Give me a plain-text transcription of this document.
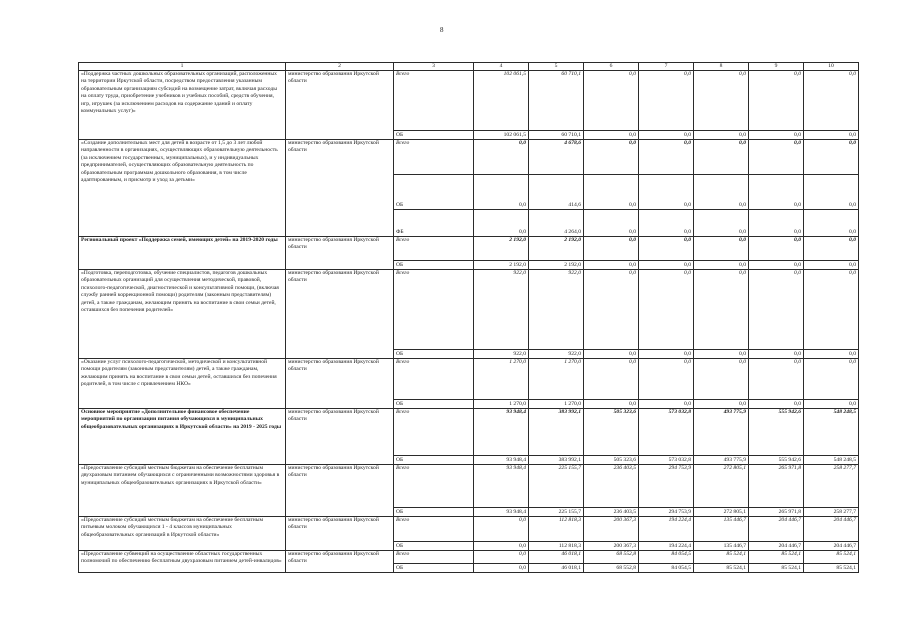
8
1	2	3	4	5	6	7	8	9	10
«Поддержка частных дошкольных образовательных организаций, расположенных на территории Иркутской области, посредством предоставления указанным образовательным организациям субсидий на возмещение затрат, включая расходы на оплату труда, приобретение учебников и учебных пособий, средств обучения, игр, игрушек (за исключением расходов на содержание зданий и оплату коммунальных услуг)»	министерство образования Иркутской области	Всего	102 061,5	60 710,1	0,0	0,0	0,0	0,0	0,0
		ОБ	102 061,5	60 710,1	0,0	0,0	0,0	0,0	0,0
«Создание дополнительных мест для детей в возрасте от 1,5 до 3 лет любой направленности в организациях, осуществляющих образовательную деятельность (за исключением государственных, муниципальных), и у индивидуальных предпринимателей, осуществляющих образовательную деятельность по образовательным программам дошкольного образования, в том числе адаптированным, и присмотр и уход за детьми»	министерство образования Иркутской области	Всего	0,0	4 678,6	0,0	0,0	0,0	0,0	0,0
		ОБ	0,0	414,6	0,0	0,0	0,0	0,0	0,0
		ФБ	0,0	4 264,0	0,0	0,0	0,0	0,0	0,0
Региональный проект «Поддержка семей, имеющих детей» на 2019-2020 годы	министерство образования Иркутской области	Всего	2 192,0	2 192,0	0,0	0,0	0,0	0,0	0,0
		ОБ	2 192,0	2 192,0	0,0	0,0	0,0	0,0	0,0
«Подготовка, переподготовка, обучение специалистов, педагогов дошкольных образовательных организаций для осуществления методической, правовой, психолого-педагогической, диагностической и консультативной помощи, (включая службу ранней коррекционной помощи) родителям (законным представителям) детей, а также гражданам, желающим принять на воспитание в свои семьи детей, оставшихся без попечения родителей»	министерство образования Иркутской области	Всего	922,0	922,0	0,0	0,0	0,0	0,0	0,0
		ОБ	922,0	922,0	0,0	0,0	0,0	0,0	0,0
«Оказание услуг психолого-педагогической, методической и консультативной помощи родителям (законным представителям) детей, а также гражданам, желающим принять на воспитание в свои семьи детей, оставшихся без попечения родителей, в том числе с привлечением НКО»	министерство образования Иркутской области	Всего	1 270,0	1 270,0	0,0	0,0	0,0	0,0	0,0
		ОБ	1 270,0	1 270,0	0,0	0,0	0,0	0,0	0,0
Основное мероприятие «Дополнительное финансовое обеспечение мероприятий по организации питания обучающихся в муниципальных общеобразовательных организациях в Иркутской области» на 2019 - 2025 годы	министерство образования Иркутской области	Всего	93 948,4	383 992,1	505 323,6	573 032,8	493 775,9	555 942,6	548 248,5
		ОБ	93 948,4	383 992,1	505 323,6	573 032,8	493 775,9	555 942,6	548 248,5
«Предоставление субсидий местным бюджетам на обеспечение бесплатным двухразовым питанием обучающихся с ограниченными возможностями здоровья в муниципальных общеобразовательных организациях в Иркутской области»	министерство образования Иркутской области	Всего	93 948,4	225 155,7	236 403,5	294 753,9	272 805,1	265 971,8	258 277,7
		ОБ	93 948,4	225 155,7	236 403,5	294 753,9	272 805,1	265 971,8	258 277,7
«Предоставление субсидий местным бюджетам на обеспечение бесплатным питьевым молоком обучающихся 1 - 4 классов муниципальных общеобразовательных организаций в Иркутской области»	министерство образования Иркутской области	Всего	0,0	112 818,3	200 367,3	194 224,4	135 446,7	204 446,7	204 446,7
		ОБ	0,0	112 818,3	200 367,3	194 224,4	135 446,7	204 446,7	204 446,7
«Предоставление субвенций на осуществление областных государственных полномочий по обеспечению бесплатным двухразовым питанием детей-инвалидов»	министерство образования Иркутской области	Всего	0,0	46 018,1	68 552,8	84 054,5	85 524,1	85 524,1	85 524,1
		ОБ	0,0	46 018,1	68 552,8	84 054,5	85 524,1	85 524,1	85 524,1
